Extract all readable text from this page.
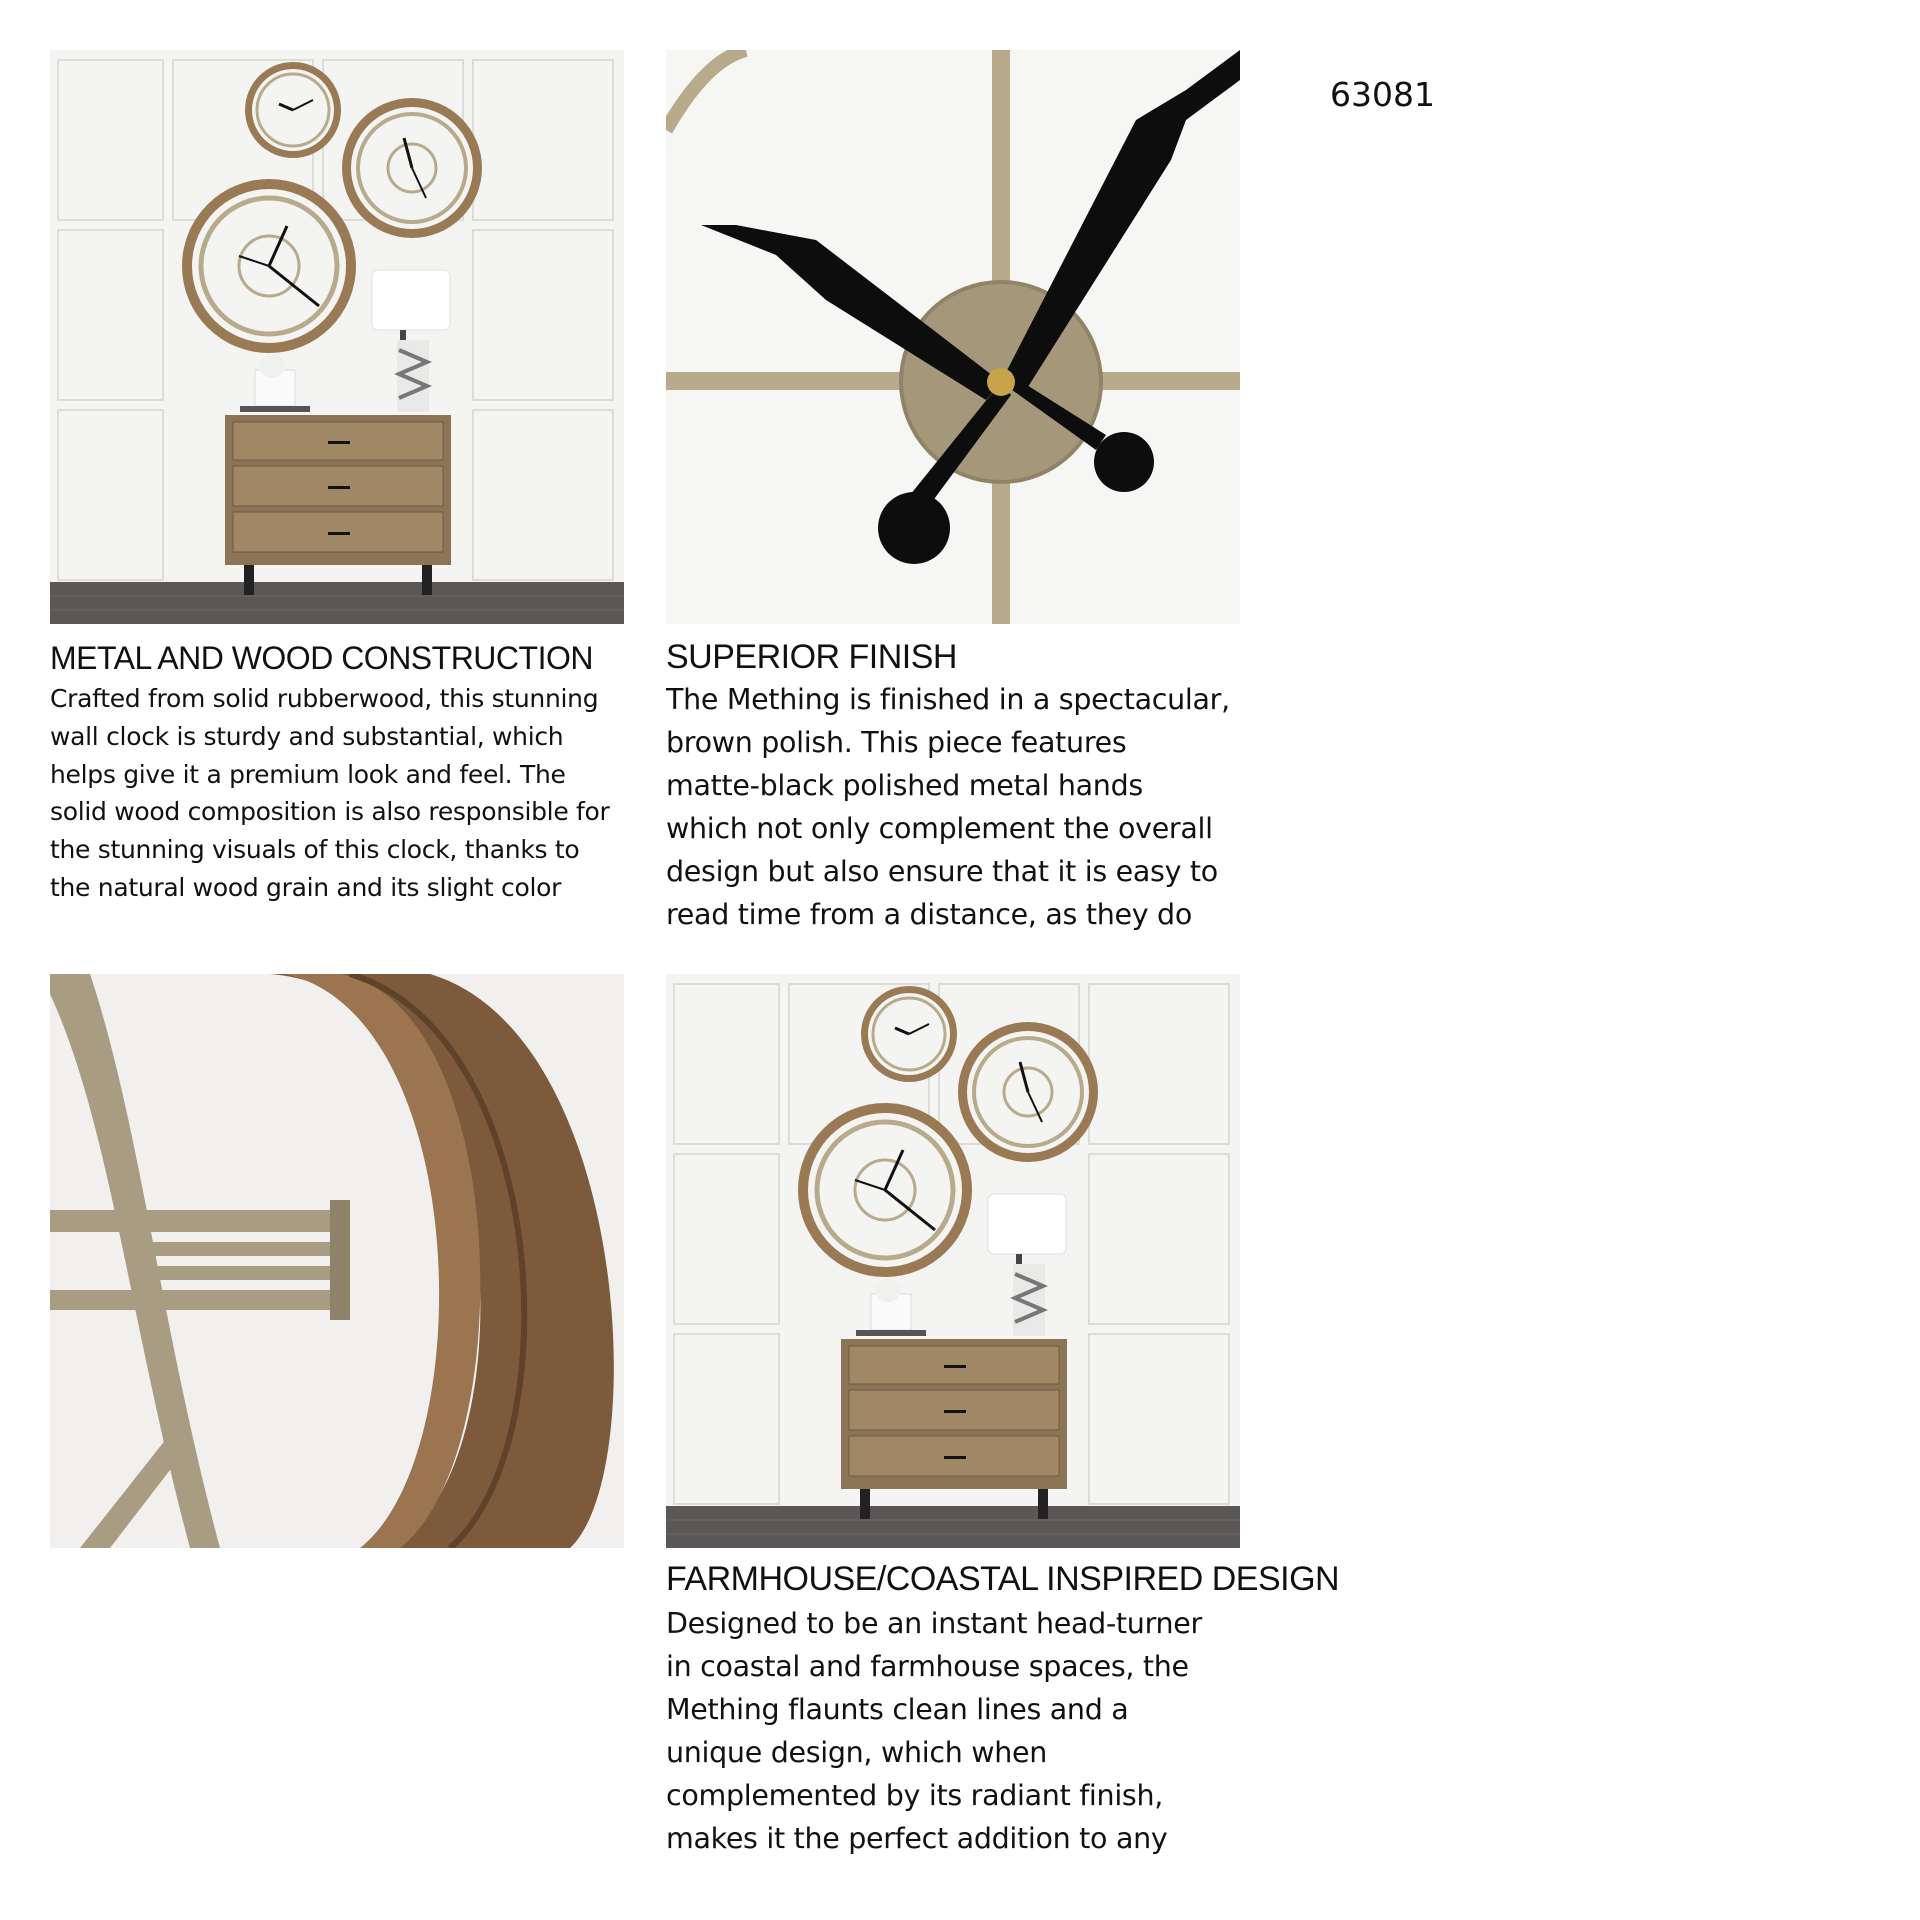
63081
METAL AND WOOD CONSTRUCTION

Crafted from solid rubberwood, this stunning
wall clock is sturdy and substantial, which
helps give it a premium look and feel. The
solid wood composition is also responsible for
the stunning visuals of this clock, thanks to
the natural wood grain and its slight color

SUPERIOR FINISH

The Mething is finished in a spectacular,
brown polish. This piece features
matte-black polished metal hands
which not only complement the overall
design but also ensure that it is easy to
read time from a distance, as they do

FARMHOUSE/COASTAL INSPIRED DESIGN

Designed to be an instant head-turner
in coastal and farmhouse spaces, the
Mething flaunts clean lines and a
unique design, which when
complemented by its radiant finish,
makes it the perfect addition to any
